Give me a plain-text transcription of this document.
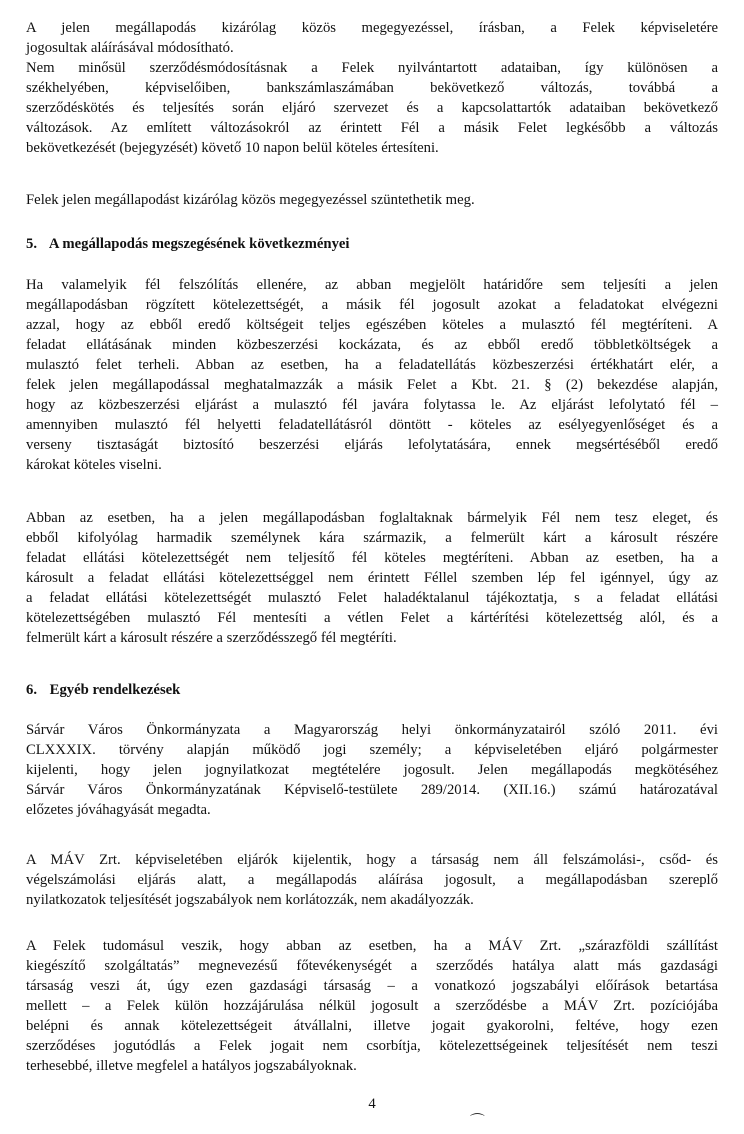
A jelen megállapodás kizárólag közös megegyezéssel, írásban, a Felek képviseletére

jogosultak aláírásával módosítható.

Nem minősül szerződésmódosításnak a Felek nyilvántartott adataiban, így különösen a

székhelyében, képviselőiben, bankszámlaszámában bekövetkező változás, továbbá a

szerződéskötés és teljesítés során eljáró szervezet és a kapcsolattartók adataiban bekövetkező

változások. Az említett változásokról az érintett Fél a másik Felet legkésőbb a változás

bekövetkezését (bejegyzését) követő 10 napon belül köteles értesíteni.

Felek jelen megállapodást kizárólag közös megegyezéssel szüntethetik meg.

5. A megállapodás megszegésének következményei

Ha valamelyik fél felszólítás ellenére, az abban megjelölt határidőre sem teljesíti a jelen

megállapodásban rögzített kötelezettségét, a másik fél jogosult azokat a feladatokat elvégezni

azzal, hogy az ebből eredő költségeit teljes egészében köteles a mulasztó fél megtéríteni. A

feladat ellátásának minden közbeszerzési kockázata, és az ebből eredő többletköltségek a

mulasztó felet terheli. Abban az esetben, ha a feladatellátás közbeszerzési értékhatárt elér, a

felek jelen megállapodással meghatalmazzák a másik Felet a Kbt. 21. § (2) bekezdése alapján,

hogy az közbeszerzési eljárást a mulasztó fél javára folytassa le. Az eljárást lefolytató fél –

amennyiben mulasztó fél helyetti feladatellátásról döntött - köteles az esélyegyenlőséget és a

verseny tisztaságát biztosító beszerzési eljárás lefolytatására, ennek megsértéséből eredő

károkat köteles viselni.

Abban az esetben, ha a jelen megállapodásban foglaltaknak bármelyik Fél nem tesz eleget, és

ebből kifolyólag harmadik személynek kára származik, a felmerült kárt a károsult részére

feladat ellátási kötelezettségét nem teljesítő fél köteles megtéríteni. Abban az esetben, ha a

károsult a feladat ellátási kötelezettséggel nem érintett Féllel szemben lép fel igénnyel, úgy az

a feladat ellátási kötelezettségét mulasztó Felet haladéktalanul tájékoztatja, s a feladat ellátási

kötelezettségében mulasztó Fél mentesíti a vétlen Felet a kártérítési kötelezettség alól, és a

felmerült kárt a károsult részére a szerződésszegő fél megtéríti.

6. Egyéb rendelkezések

Sárvár Város Önkormányzata a Magyarország helyi önkormányzatairól szóló 2011. évi

CLXXXIX. törvény alapján működő jogi személy; a képviseletében eljáró polgármester

kijelenti, hogy jelen jognyilatkozat megtételére jogosult. Jelen megállapodás megkötéséhez

Sárvár Város Önkormányzatának Képviselő-testülete 289/2014. (XII.16.) számú határozatával

előzetes jóváhagyását megadta.

A MÁV Zrt. képviseletében eljárók kijelentik, hogy a társaság nem áll felszámolási-, csőd- és

végelszámolási eljárás alatt, a megállapodás aláírása jogosult, a megállapodásban szereplő

nyilatkozatok teljesítését jogszabályok nem korlátozzák, nem akadályozzák.

A Felek tudomásul veszik, hogy abban az esetben, ha a MÁV Zrt. „szárazföldi szállítást

kiegészítő szolgáltatás” megnevezésű főtevékenységét a szerződés hatálya alatt más gazdasági

társaság veszi át, úgy ezen gazdasági társaság – a vonatkozó jogszabályi előírások betartása

mellett – a Felek külön hozzájárulása nélkül jogosult a szerződésbe a MÁV Zrt. pozíciójába

belépni és annak kötelezettségeit átvállalni, illetve jogait gyakorolni, feltéve, hogy ezen

szerződéses jogutódlás a Felek jogait nem csorbítja, kötelezettségeinek teljesítését nem teszi

terhesebbé, illetve megfelel a hatályos jogszabályoknak.

4
⌒
